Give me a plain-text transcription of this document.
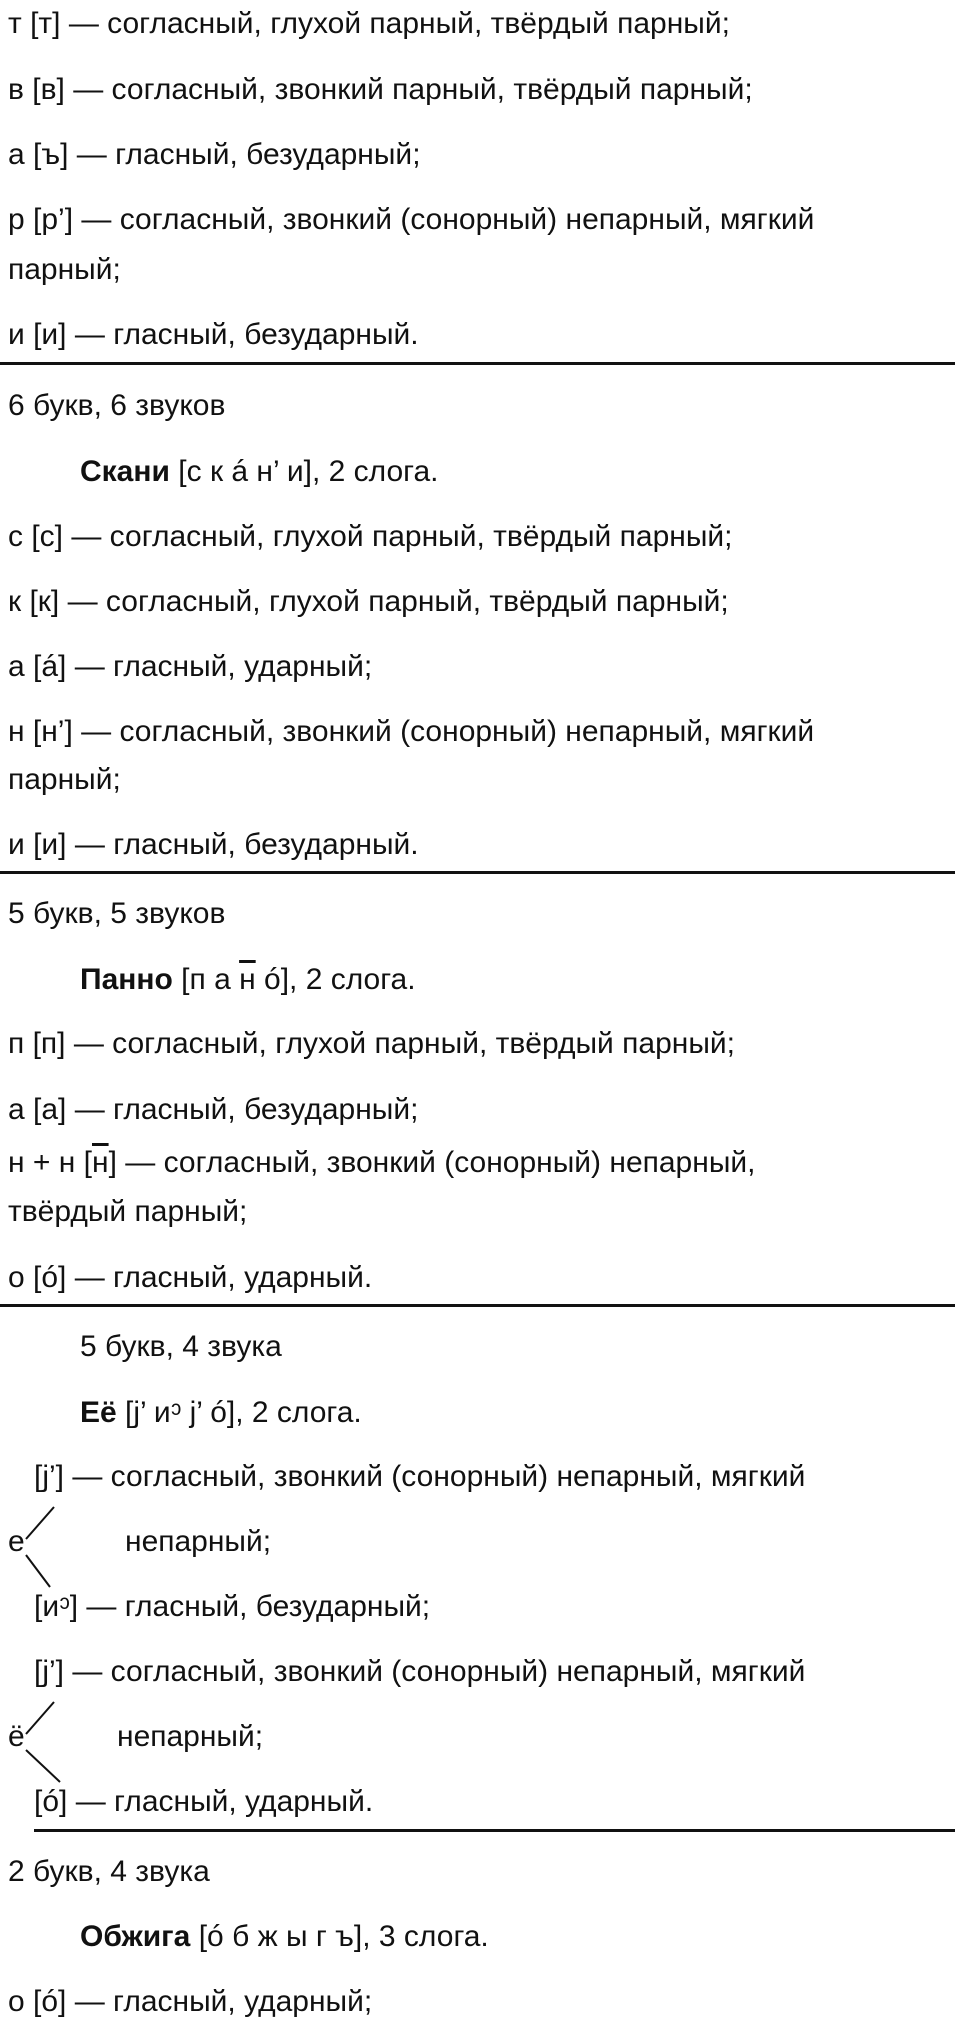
т [т] — согласный, глухой парный, твёрдый парный;
в [в] — согласный, звонкий парный, твёрдый парный;
а [ъ] — гласный, безударный;
р [р’] — согласный, звонкий (сонорный) непарный, мягкий
парный;
и [и] — гласный, безударный.
6 букв, 6 звуков
Скани [с к á н’ и], 2 слога.
с [с] — согласный, глухой парный, твёрдый парный;
к [к] — согласный, глухой парный, твёрдый парный;
а [á] — гласный, ударный;
н [н’] — согласный, звонкий (сонорный) непарный, мягкий
парный;
и [и] — гласный, безударный.
5 букв, 5 звуков
Панно [п а н ó], 2 слога.
п [п] — согласный, глухой парный, твёрдый парный;
а [а] — гласный, безударный;
н + н [н] — согласный, звонкий (сонорный) непарный,
твёрдый парный;
о [ó] — гласный, ударный.
5 букв, 4 звука
Её [j’ иᵓ j’ ó], 2 слога.
[j’] — согласный, звонкий (сонорный) непарный, мягкий
е	непарный;
[иᵓ] — гласный, безударный;
[j’] — согласный, звонкий (сонорный) непарный, мягкий
ё	непарный;
[ó] — гласный, ударный.
2 букв, 4 звука
Обжига [ó б ж ы г ъ], 3 слога.
о [ó] — гласный, ударный;
